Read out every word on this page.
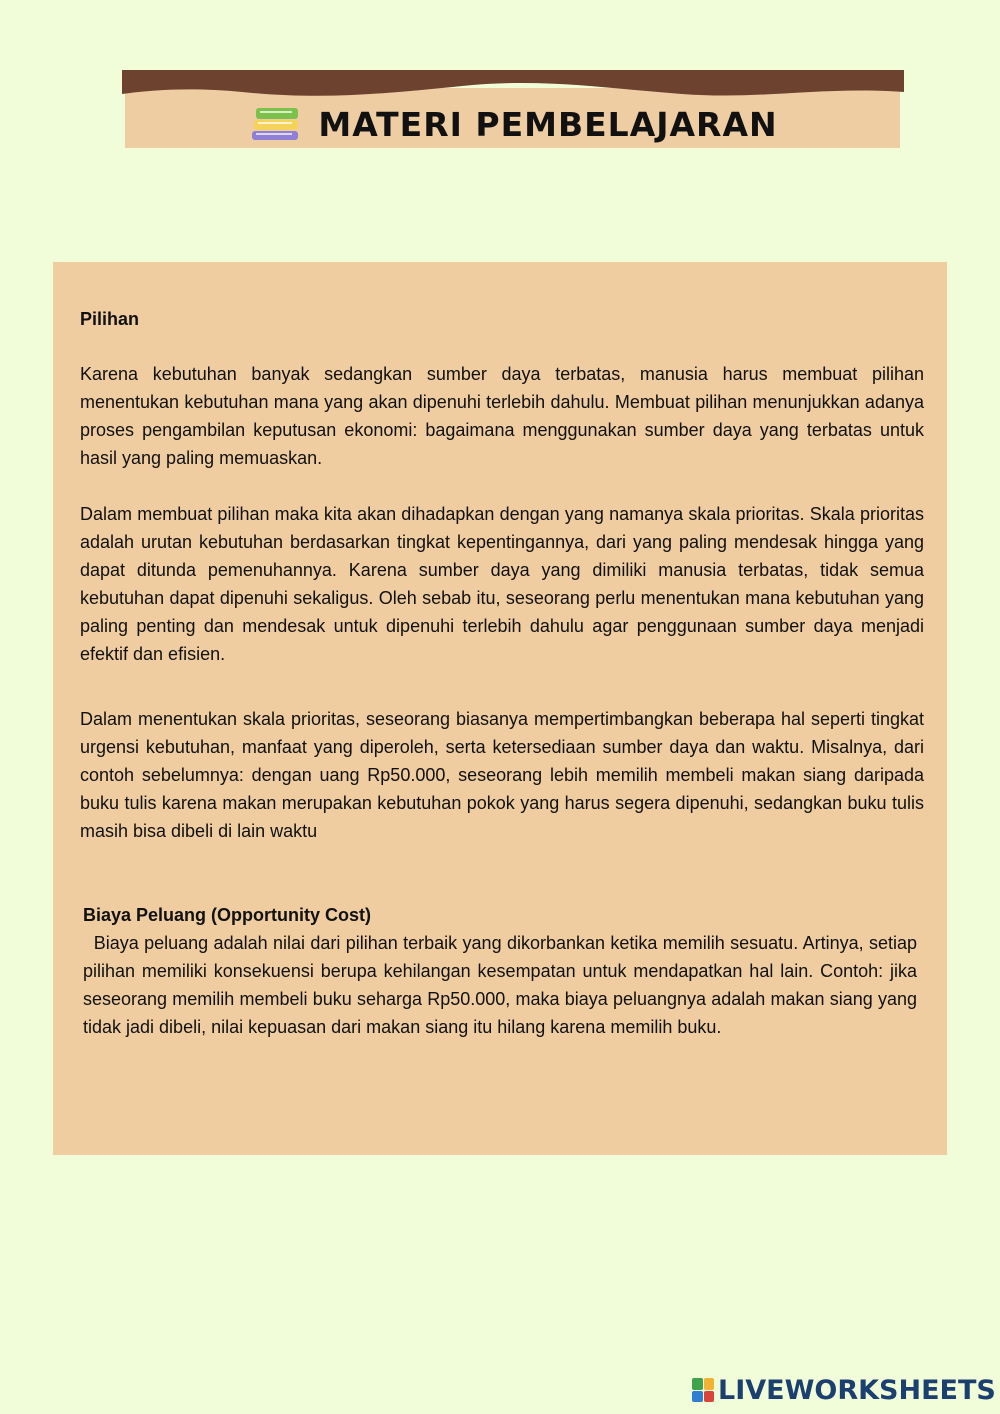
MATERI PEMBELAJARAN
Pilihan

Karena kebutuhan banyak sedangkan sumber daya terbatas, manusia harus membuat pilihan menentukan kebutuhan mana yang akan dipenuhi terlebih dahulu. Membuat pilihan menunjukkan adanya proses pengambilan keputusan ekonomi: bagaimana menggunakan sumber daya yang terbatas untuk hasil yang paling memuaskan.

Dalam membuat pilihan maka kita akan dihadapkan dengan yang namanya skala prioritas. Skala prioritas adalah urutan kebutuhan berdasarkan tingkat kepentingannya, dari yang paling mendesak hingga yang dapat ditunda pemenuhannya. Karena sumber daya yang dimiliki manusia terbatas, tidak semua kebutuhan dapat dipenuhi sekaligus. Oleh sebab itu, seseorang perlu menentukan mana kebutuhan yang paling penting dan mendesak untuk dipenuhi terlebih dahulu agar penggunaan sumber daya menjadi efektif dan efisien.

Dalam menentukan skala prioritas, seseorang biasanya mempertimbangkan beberapa hal seperti tingkat urgensi kebutuhan, manfaat yang diperoleh, serta ketersediaan sumber daya dan waktu. Misalnya, dari contoh sebelumnya: dengan uang Rp50.000, seseorang lebih memilih membeli makan siang daripada buku tulis karena makan merupakan kebutuhan pokok yang harus segera dipenuhi, sedangkan buku tulis masih bisa dibeli di lain waktu

Biaya Peluang (Opportunity Cost)

Biaya peluang adalah nilai dari pilihan terbaik yang dikorbankan ketika memilih sesuatu. Artinya, setiap pilihan memiliki konsekuensi berupa kehilangan kesempatan untuk mendapatkan hal lain. Contoh: jika seseorang memilih membeli buku seharga Rp50.000, maka biaya peluangnya adalah makan siang yang tidak jadi dibeli, nilai kepuasan dari makan siang itu hilang karena memilih buku.

LIVEWORKSHEETS
